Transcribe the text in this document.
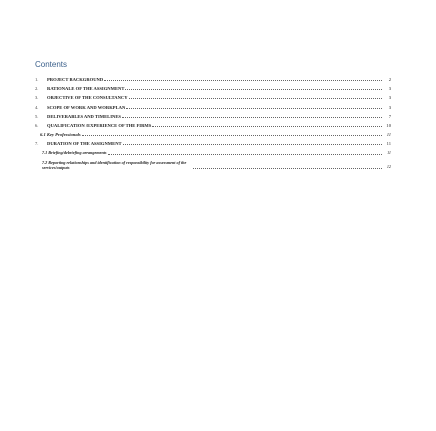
Contents
1.	PROJECT BACKGROUND	2
2.	RATIONALE OF THE ASSIGNMENT	3
3.	OBJECTIVE OF THE CONSULTANCY	3
4.	SCOPE OF WORK AND WORKPLAN	3
5.	DELIVERABLES AND TIMELINES	7
6.	QUALIFICATION /EXPERIENCE OF THE FIRMS	10
6.1 Key Professionals	11
7.	DURATION OF THE ASSIGNMENT	11
7.1 Briefing/debriefing arrangements	11
7.2 Reporting relationships and identification of responsibility for assessment of the services/outputs	12
